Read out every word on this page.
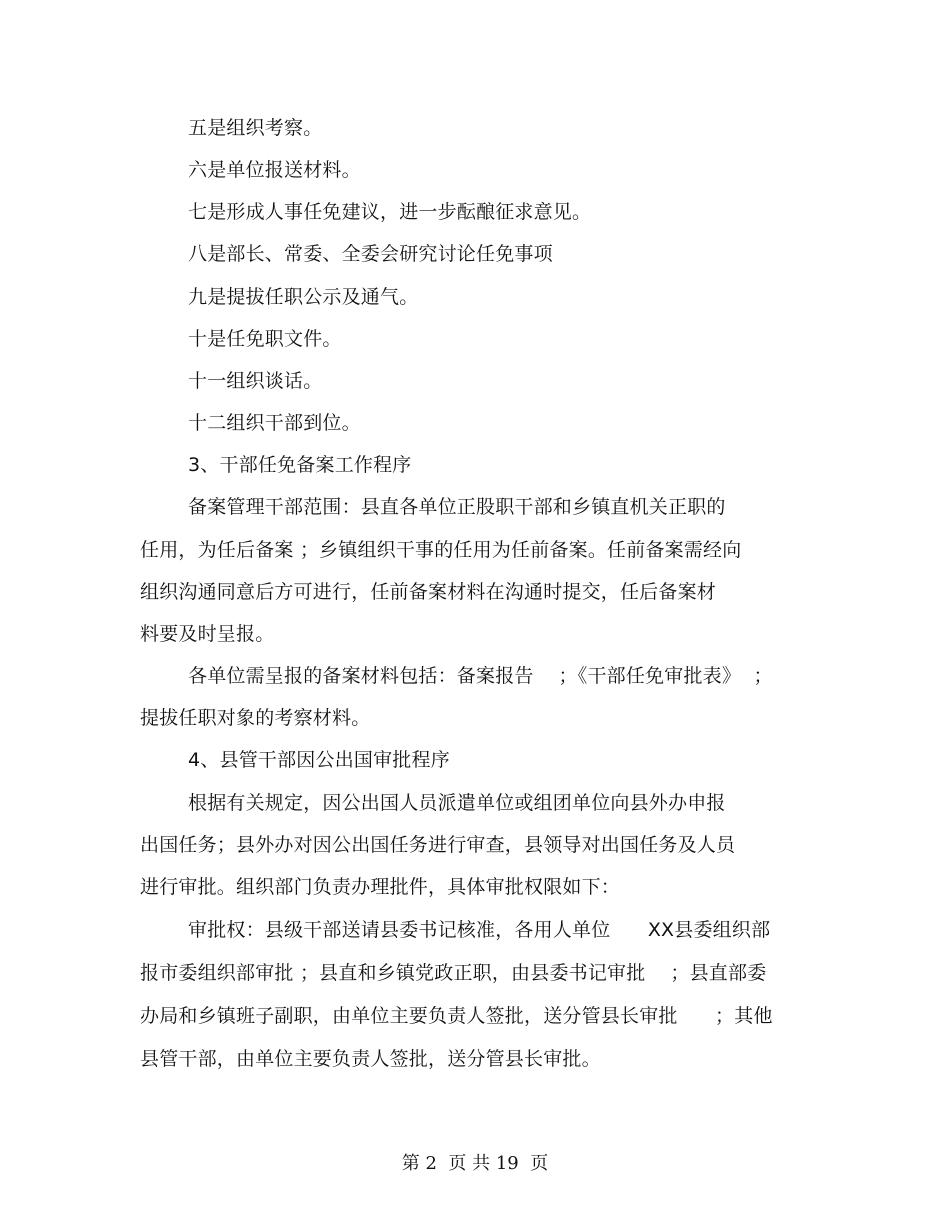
五是组织考察。
六是单位报送材料。
七是形成人事任免建议，进一步酝酿征求意见。
八是部长、常委、全委会研究讨论任免事项
九是提拔任职公示及通气。
十是任免职文件。
十一组织谈话。
十二组织干部到位。
3、干部任免备案工作程序
备案管理干部范围：县直各单位正股职干部和乡镇直机关正职的
任用，为任后备案 ；乡镇组织干事的任用为任前备案。任前备案需经向
组织沟通同意后方可进行，任前备案材料在沟通时提交，任后备案材
料要及时呈报。
各单位需呈报的备案材料包括：备案报告    ；《干部任免审批表》  ；
提拔任职对象的考察材料。
4、县管干部因公出国审批程序
根据有关规定，因公出国人员派遣单位或组团单位向县外办申报
出国任务；县外办对因公出国任务进行审查，县领导对出国任务及人员
进行审批。组织部门负责办理批件，具体审批权限如下：
审批权：县级干部送请县委书记核准，各用人单位      XX县委组织部
报市委组织部审批 ；县直和乡镇党政正职，由县委书记审批    ；县直部委
办局和乡镇班子副职，由单位主要负责人签批，送分管县长审批      ；其他
县管干部，由单位主要负责人签批，送分管县长审批。
第 2  页 共 19  页
